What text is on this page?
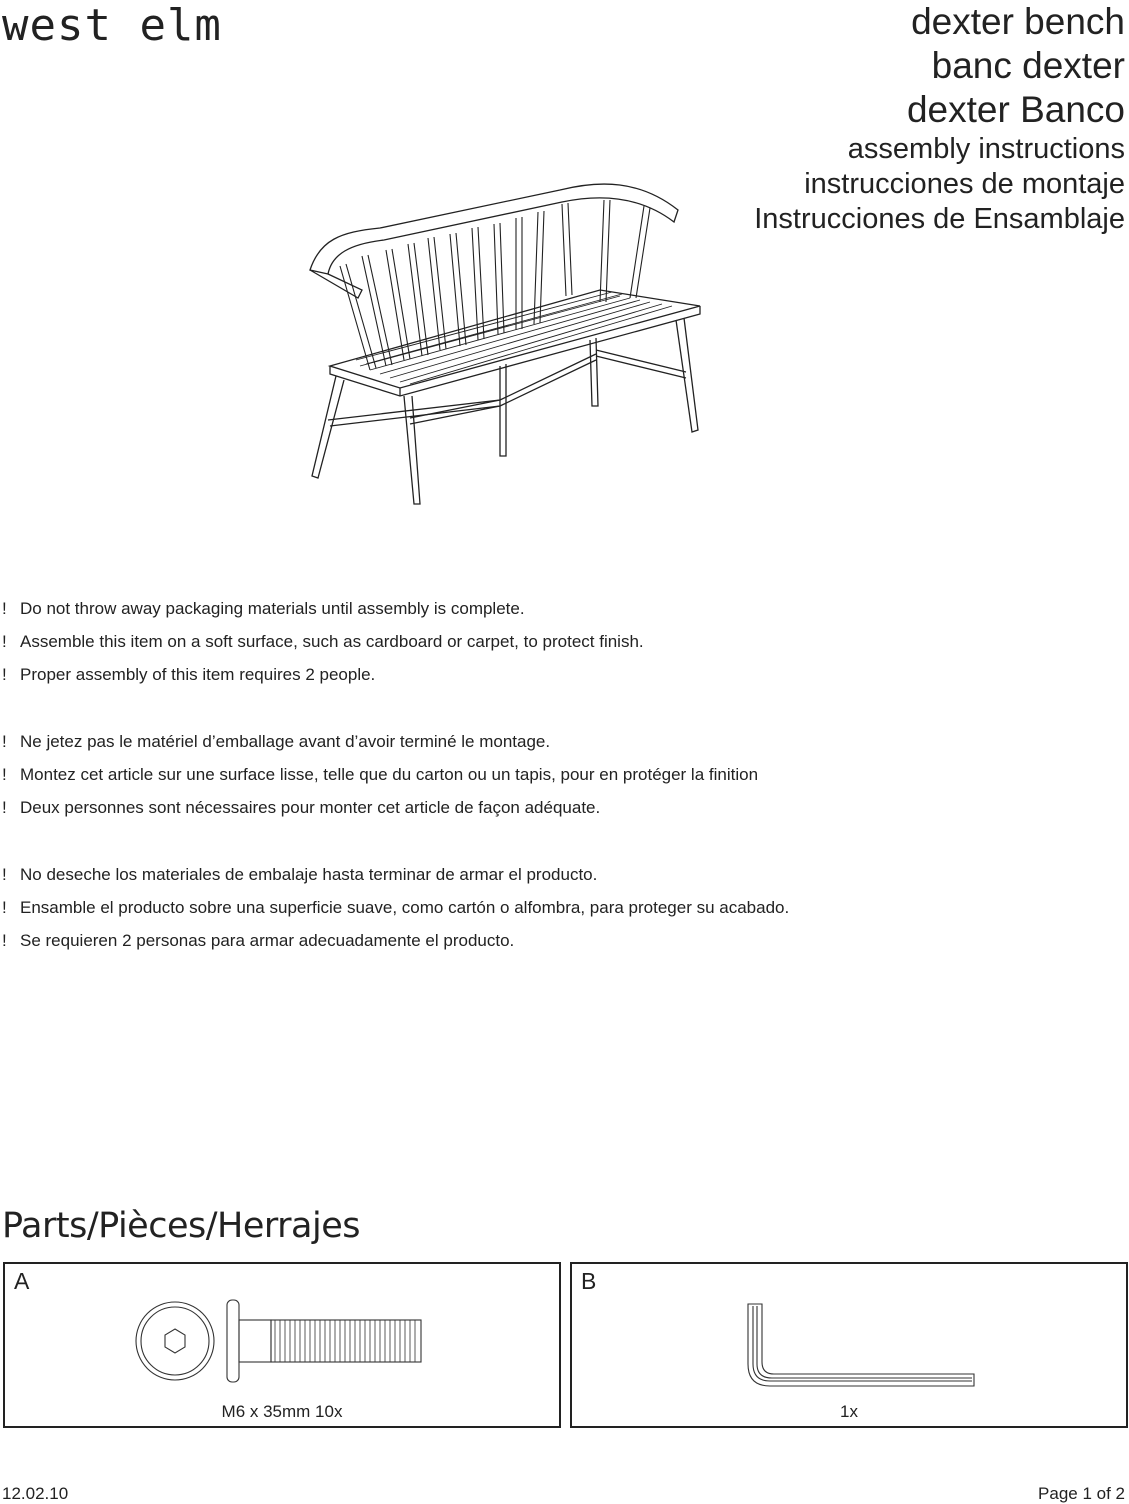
west elm	dexter bench
banc dexter
dexter Banco
assembly instructions
instrucciones de montaje
Instrucciones de Ensamblaje
! Do not throw away packaging materials until assembly is complete.
! Assemble this item on a soft surface, such as cardboard or carpet, to protect finish.
! Proper assembly of this item requires 2 people.
! Ne jetez pas le matériel d’emballage avant d’avoir terminé le montage.
! Montez cet article sur une surface lisse, telle que du carton ou un tapis, pour en protéger la finition
! Deux personnes sont nécessaires pour monter cet article de façon adéquate.
! No deseche los materiales de embalaje hasta terminar de armar el producto.
! Ensamble el producto sobre una superficie suave, como cartón o alfombra, para proteger su acabado.
! Se requieren 2 personas para armar adecuadamente el producto.
Parts/Pièces/Herrajes
A
M6 x 35mm 10x
B
1x
12.02.10	Page 1 of 2
